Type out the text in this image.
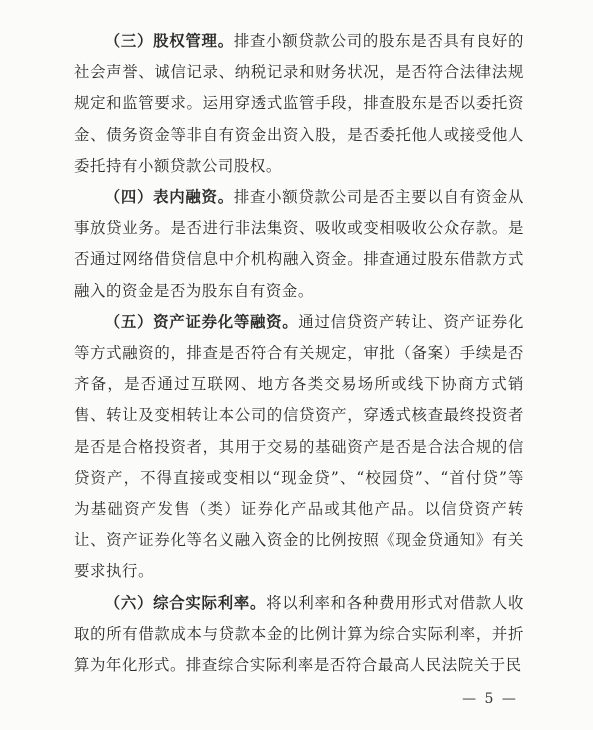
（三）股权管理。排查小额贷款公司的股东是否具有良好的社会声誉、诚信记录、纳税记录和财务状况，是否符合法律法规规定和监管要求。运用穿透式监管手段，排查股东是否以委托资金、债务资金等非自有资金出资入股，是否委托他人或接受他人委托持有小额贷款公司股权。

（四）表内融资。排查小额贷款公司是否主要以自有资金从事放贷业务。是否进行非法集资、吸收或变相吸收公众存款。是否通过网络借贷信息中介机构融入资金。排查通过股东借款方式融入的资金是否为股东自有资金。

（五）资产证券化等融资。通过信贷资产转让、资产证券化等方式融资的，排查是否符合有关规定，审批（备案）手续是否齐备，是否通过互联网、地方各类交易场所或线下协商方式销售、转让及变相转让本公司的信贷资产，穿透式核查最终投资者是否是合格投资者，其用于交易的基础资产是否是合法合规的信贷资产，不得直接或变相以“现金贷”、“校园贷”、“首付贷”等为基础资产发售（类）证券化产品或其他产品。以信贷资产转让、资产证券化等名义融入资金的比例按照《现金贷通知》有关要求执行。

（六）综合实际利率。将以利率和各种费用形式对借款人收取的所有借款成本与贷款本金的比例计算为综合实际利率，并折算为年化形式。排查综合实际利率是否符合最高人民法院关于民

— 5 —
